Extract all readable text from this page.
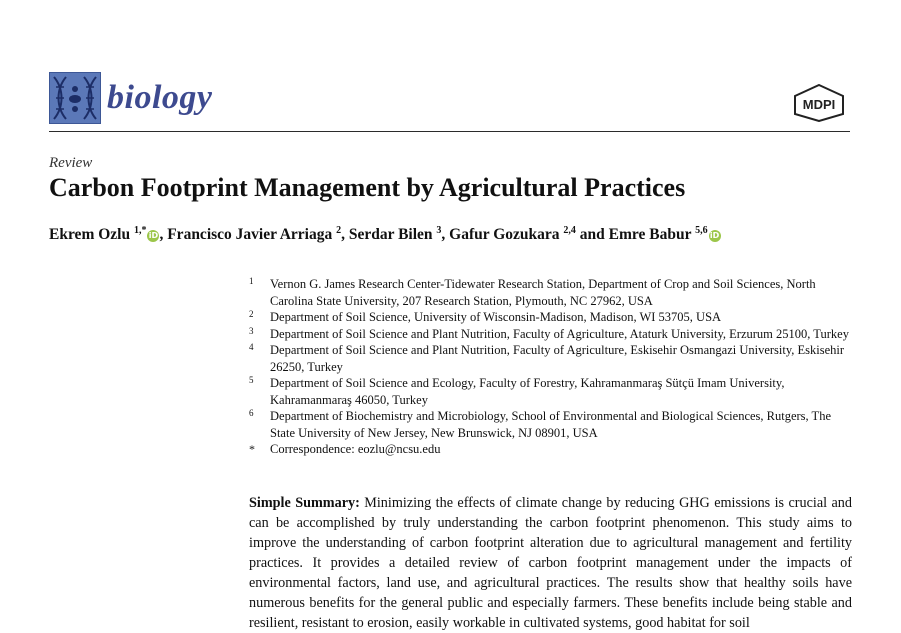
biology	MDPI
Review
Carbon Footprint Management by Agricultural Practices
Ekrem Ozlu $^{1,*}$ iD, Francisco Javier Arriaga $^2$, Serdar Bilen $^3$, Gafur Gozukara $^{2,4}$ and Emre Babur $^{5,6}$ iD
1 Vernon G. James Research Center-Tidewater Research Station, Department of Crop and Soil Sciences, North Carolina State University, 207 Research Station, Plymouth, NC 27962, USA
2 Department of Soil Science, University of Wisconsin-Madison, Madison, WI 53705, USA
3 Department of Soil Science and Plant Nutrition, Faculty of Agriculture, Ataturk University, Erzurum 25100, Turkey
4 Department of Soil Science and Plant Nutrition, Faculty of Agriculture, Eskisehir Osmangazi University, Eskisehir 26250, Turkey
5 Department of Soil Science and Ecology, Faculty of Forestry, Kahramanmaraş Sütçü Imam University, Kahramanmaraş 46050, Turkey
6 Department of Biochemistry and Microbiology, School of Environmental and Biological Sciences, Rutgers, The State University of New Jersey, New Brunswick, NJ 08901, USA
* Correspondence: eozlu@ncsu.edu
Simple Summary: Minimizing the effects of climate change by reducing GHG emissions is crucial and can be accomplished by truly understanding the carbon footprint phenomenon. This study aims to improve the understanding of carbon footprint alteration due to agricultural management and fertility practices. It provides a detailed review of carbon footprint management under the impacts of environmental factors, land use, and agricultural practices. The results show that healthy soils have numerous benefits for the general public and especially farmers. These benefits include being stable and resilient, resistant to erosion, easily workable in cultivated systems, good habitat for soil
